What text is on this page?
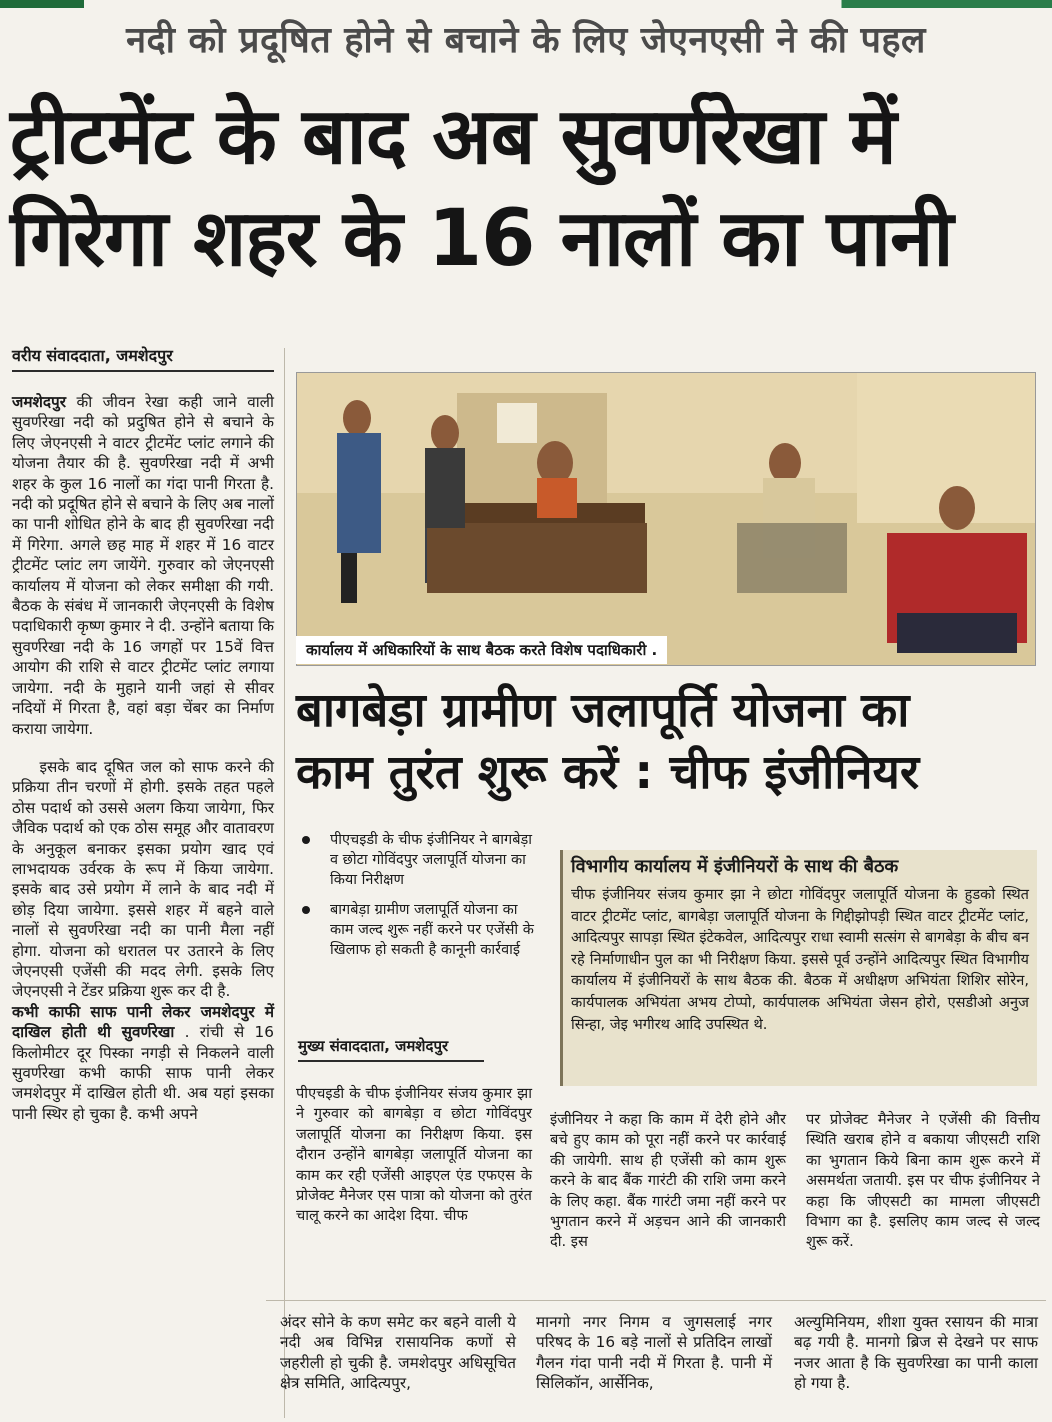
नदी को प्रदूषित होने से बचाने के लिए जेएनएसी ने की पहल
ट्रीटमेंट के बाद अब सुवर्णरेखा में
गिरेगा शहर के 16 नालों का पानी
वरीय संवाददाता, जमशेदपुर

जमशेदपुर की जीवन रेखा कही जाने वाली सुवर्णरेखा नदी को प्रदुषित होने से बचाने के लिए जेएनएसी ने वाटर ट्रीटमेंट प्लांट लगाने की योजना तैयार की है. सुवर्णरेखा नदी में अभी शहर के कुल 16 नालों का गंदा पानी गिरता है. नदी को प्रदूषित होने से बचाने के लिए अब नालों का पानी शोधित होने के बाद ही सुवर्णरेखा नदी में गिरेगा. अगले छह माह में शहर में 16 वाटर ट्रीटमेंट प्लांट लग जायेंगे. गुरुवार को जेएनएसी कार्यालय में योजना को लेकर समीक्षा की गयी. बैठक के संबंध में जानकारी जेएनएसी के विशेष पदाधिकारी कृष्ण कुमार ने दी. उन्होंने बताया कि सुवर्णरेखा नदी के 16 जगहों पर 15वें वित्त आयोग की राशि से वाटर ट्रीटमेंट प्लांट लगाया जायेगा. नदी के मुहाने यानी जहां से सीवर नदियों में गिरता है, वहां बड़ा चेंबर का निर्माण कराया जायेगा.

इसके बाद दूषित जल को साफ करने की प्रक्रिया तीन चरणों में होगी. इसके तहत पहले ठोस पदार्थ को उससे अलग किया जायेगा, फिर जैविक पदार्थ को एक ठोस समूह और वातावरण के अनुकूल बनाकर इसका प्रयोग खाद एवं लाभदायक उर्वरक के रूप में किया जायेगा. इसके बाद उसे प्रयोग में लाने के बाद नदी में छोड़ दिया जायेगा. इससे शहर में बहने वाले नालों से सुवर्णरेखा नदी का पानी मैला नहीं होगा. योजना को धरातल पर उतारने के लिए जेएनएसी एजेंसी की मदद लेगी. इसके लिए जेएनएसी ने टेंडर प्रक्रिया शुरू कर दी है.

कभी काफी साफ पानी लेकर जमशेदपुर में दाखिल होती थी सुवर्णरेखा . रांची से 16 किलोमीटर दूर पिस्का नगड़ी से निकलने वाली सुवर्णरेखा कभी काफी साफ पानी लेकर जमशेदपुर में दाखिल होती थी. अब यहां इसका पानी स्थिर हो चुका है. कभी अपने

अंदर सोने के कण समेट कर बहने वाली ये नदी अब विभिन्न रासायनिक कणों से जहरीली हो चुकी है. जमशेदपुर अधिसूचित क्षेत्र समिति, आदित्यपुर,
मानगो नगर निगम व जुगसलाई नगर परिषद के 16 बड़े नालों से प्रतिदिन लाखों गैलन गंदा पानी नदी में गिरता है. पानी में सिलिकॉन, आर्सेनिक,
अल्युमिनियम, शीशा युक्त रसायन की मात्रा बढ़ गयी है. मानगो ब्रिज से देखने पर साफ नजर आता है कि सुवर्णरेखा का पानी काला हो गया है.
कार्यालय में अधिकारियों के साथ बैठक करते विशेष पदाधिकारी .
बागबेड़ा ग्रामीण जलापूर्ति योजना का
काम तुरंत शुरू करें : चीफ इंजीनियर
पीएचइडी के चीफ इंजीनियर ने बागबेड़ा व छोटा गोविंदपुर जलापूर्ति योजना का किया निरीक्षण
बागबेड़ा ग्रामीण जलापूर्ति योजना का काम जल्द शुरू नहीं करने पर एजेंसी के खिलाफ हो सकती है कानूनी कार्रवाई
विभागीय कार्यालय में इंजीनियरों के साथ की बैठक

चीफ इंजीनियर संजय कुमार झा ने छोटा गोविंदपुर जलापूर्ति योजना के हुडको स्थित वाटर ट्रीटमेंट प्लांट, बागबेड़ा जलापूर्ति योजना के गिद्दीझोपड़ी स्थित वाटर ट्रीटमेंट प्लांट, आदित्यपुर सापड़ा स्थित इंटेकवेल, आदित्यपुर राधा स्वामी सत्संग से बागबेड़ा के बीच बन रहे निर्माणाधीन पुल का भी निरीक्षण किया. इससे पूर्व उन्होंने आदित्यपुर स्थित विभागीय कार्यालय में इंजीनियरों के साथ बैठक की. बैठक में अधीक्षण अभियंता शिशिर सोरेन, कार्यपालक अभियंता अभय टोप्पो, कार्यपालक अभियंता जेसन होरो, एसडीओ अनुज सिन्हा, जेइ भगीरथ आदि उपस्थित थे.

मुख्य संवाददाता, जमशेदपुर
पीएचइडी के चीफ इंजीनियर संजय कुमार झा ने गुरुवार को बागबेड़ा व छोटा गोविंदपुर जलापूर्ति योजना का निरीक्षण किया. इस दौरान उन्होंने बागबेड़ा जलापूर्ति योजना का काम कर रही एजेंसी आइएल एंड एफएस के प्रोजेक्ट मैनेजर एस पात्रा को योजना को तुरंत चालू करने का आदेश दिया. चीफ
इंजीनियर ने कहा कि काम में देरी होने और बचे हुए काम को पूरा नहीं करने पर कार्रवाई की जायेगी. साथ ही एजेंसी को काम शुरू करने के बाद बैंक गारंटी की राशि जमा करने के लिए कहा. बैंक गारंटी जमा नहीं करने पर भुगतान करने में अड़चन आने की जानकारी दी. इस
पर प्रोजेक्ट मैनेजर ने एजेंसी की वित्तीय स्थिति खराब होने व बकाया जीएसटी राशि का भुगतान किये बिना काम शुरू करने में असमर्थता जतायी. इस पर चीफ इंजीनियर ने कहा कि जीएसटी का मामला जीएसटी विभाग का है. इसलिए काम जल्द से जल्द शुरू करें.
